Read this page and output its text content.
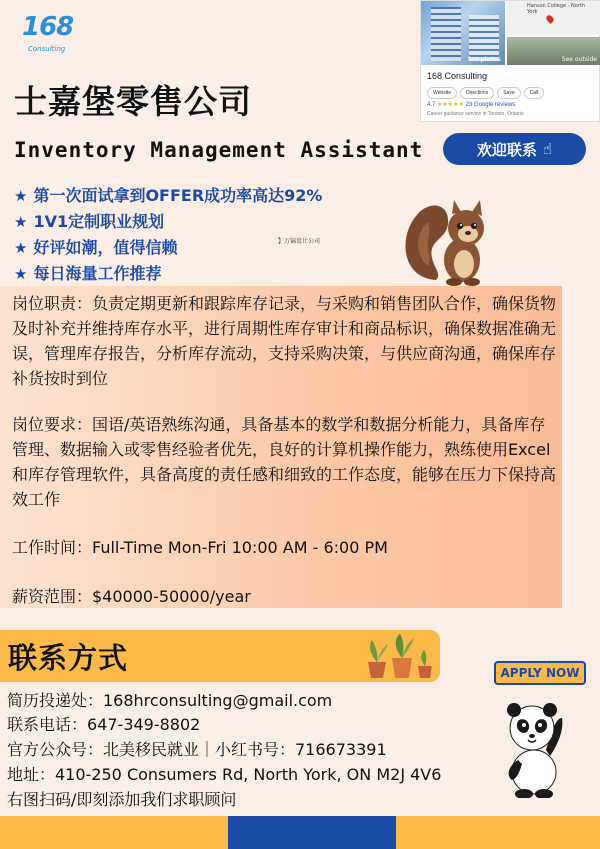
168
Consulting
士嘉堡零售公司
Inventory Management Assistant	欢迎联系 ☝
See photos
Hanson College - North York
See outside
168 Consulting
Website	Directions	Save	Call
4.7 ★★★★★ 23 Google reviews
Career guidance service in Toronto, Ontario
★ 第一次面试拿到OFFER成功率高达92%
★ 1V1定制职业规划
★ 好评如潮，值得信赖
★ 每日海量工作推荐
】万锦设计公司

岗位职责：负责定期更新和跟踪库存记录，与采购和销售团队合作，确保货物及时补充并维持库存水平，进行周期性库存审计和商品标识，确保数据准确无误，管理库存报告，分析库存流动，支持采购决策，与供应商沟通，确保库存补货按时到位

岗位要求：国语/英语熟练沟通，具备基本的数学和数据分析能力，具备库存管理、数据输入或零售经验者优先，良好的计算机操作能力，熟练使用Excel和库存管理软件，具备高度的责任感和细致的工作态度，能够在压力下保持高效工作

工作时间：Full-Time Mon-Fri 10:00 AM - 6:00 PM

薪资范围：$40000-50000/year

联系方式	APPLY NOW
简历投递处：168hrconsulting@gmail.com
联系电话：647-349-8802
官方公众号：北美移民就业｜小红书号：716673391
地址：410-250 Consumers Rd, North York, ON M2J 4V6
右图扫码/即刻添加我们求职顾问
